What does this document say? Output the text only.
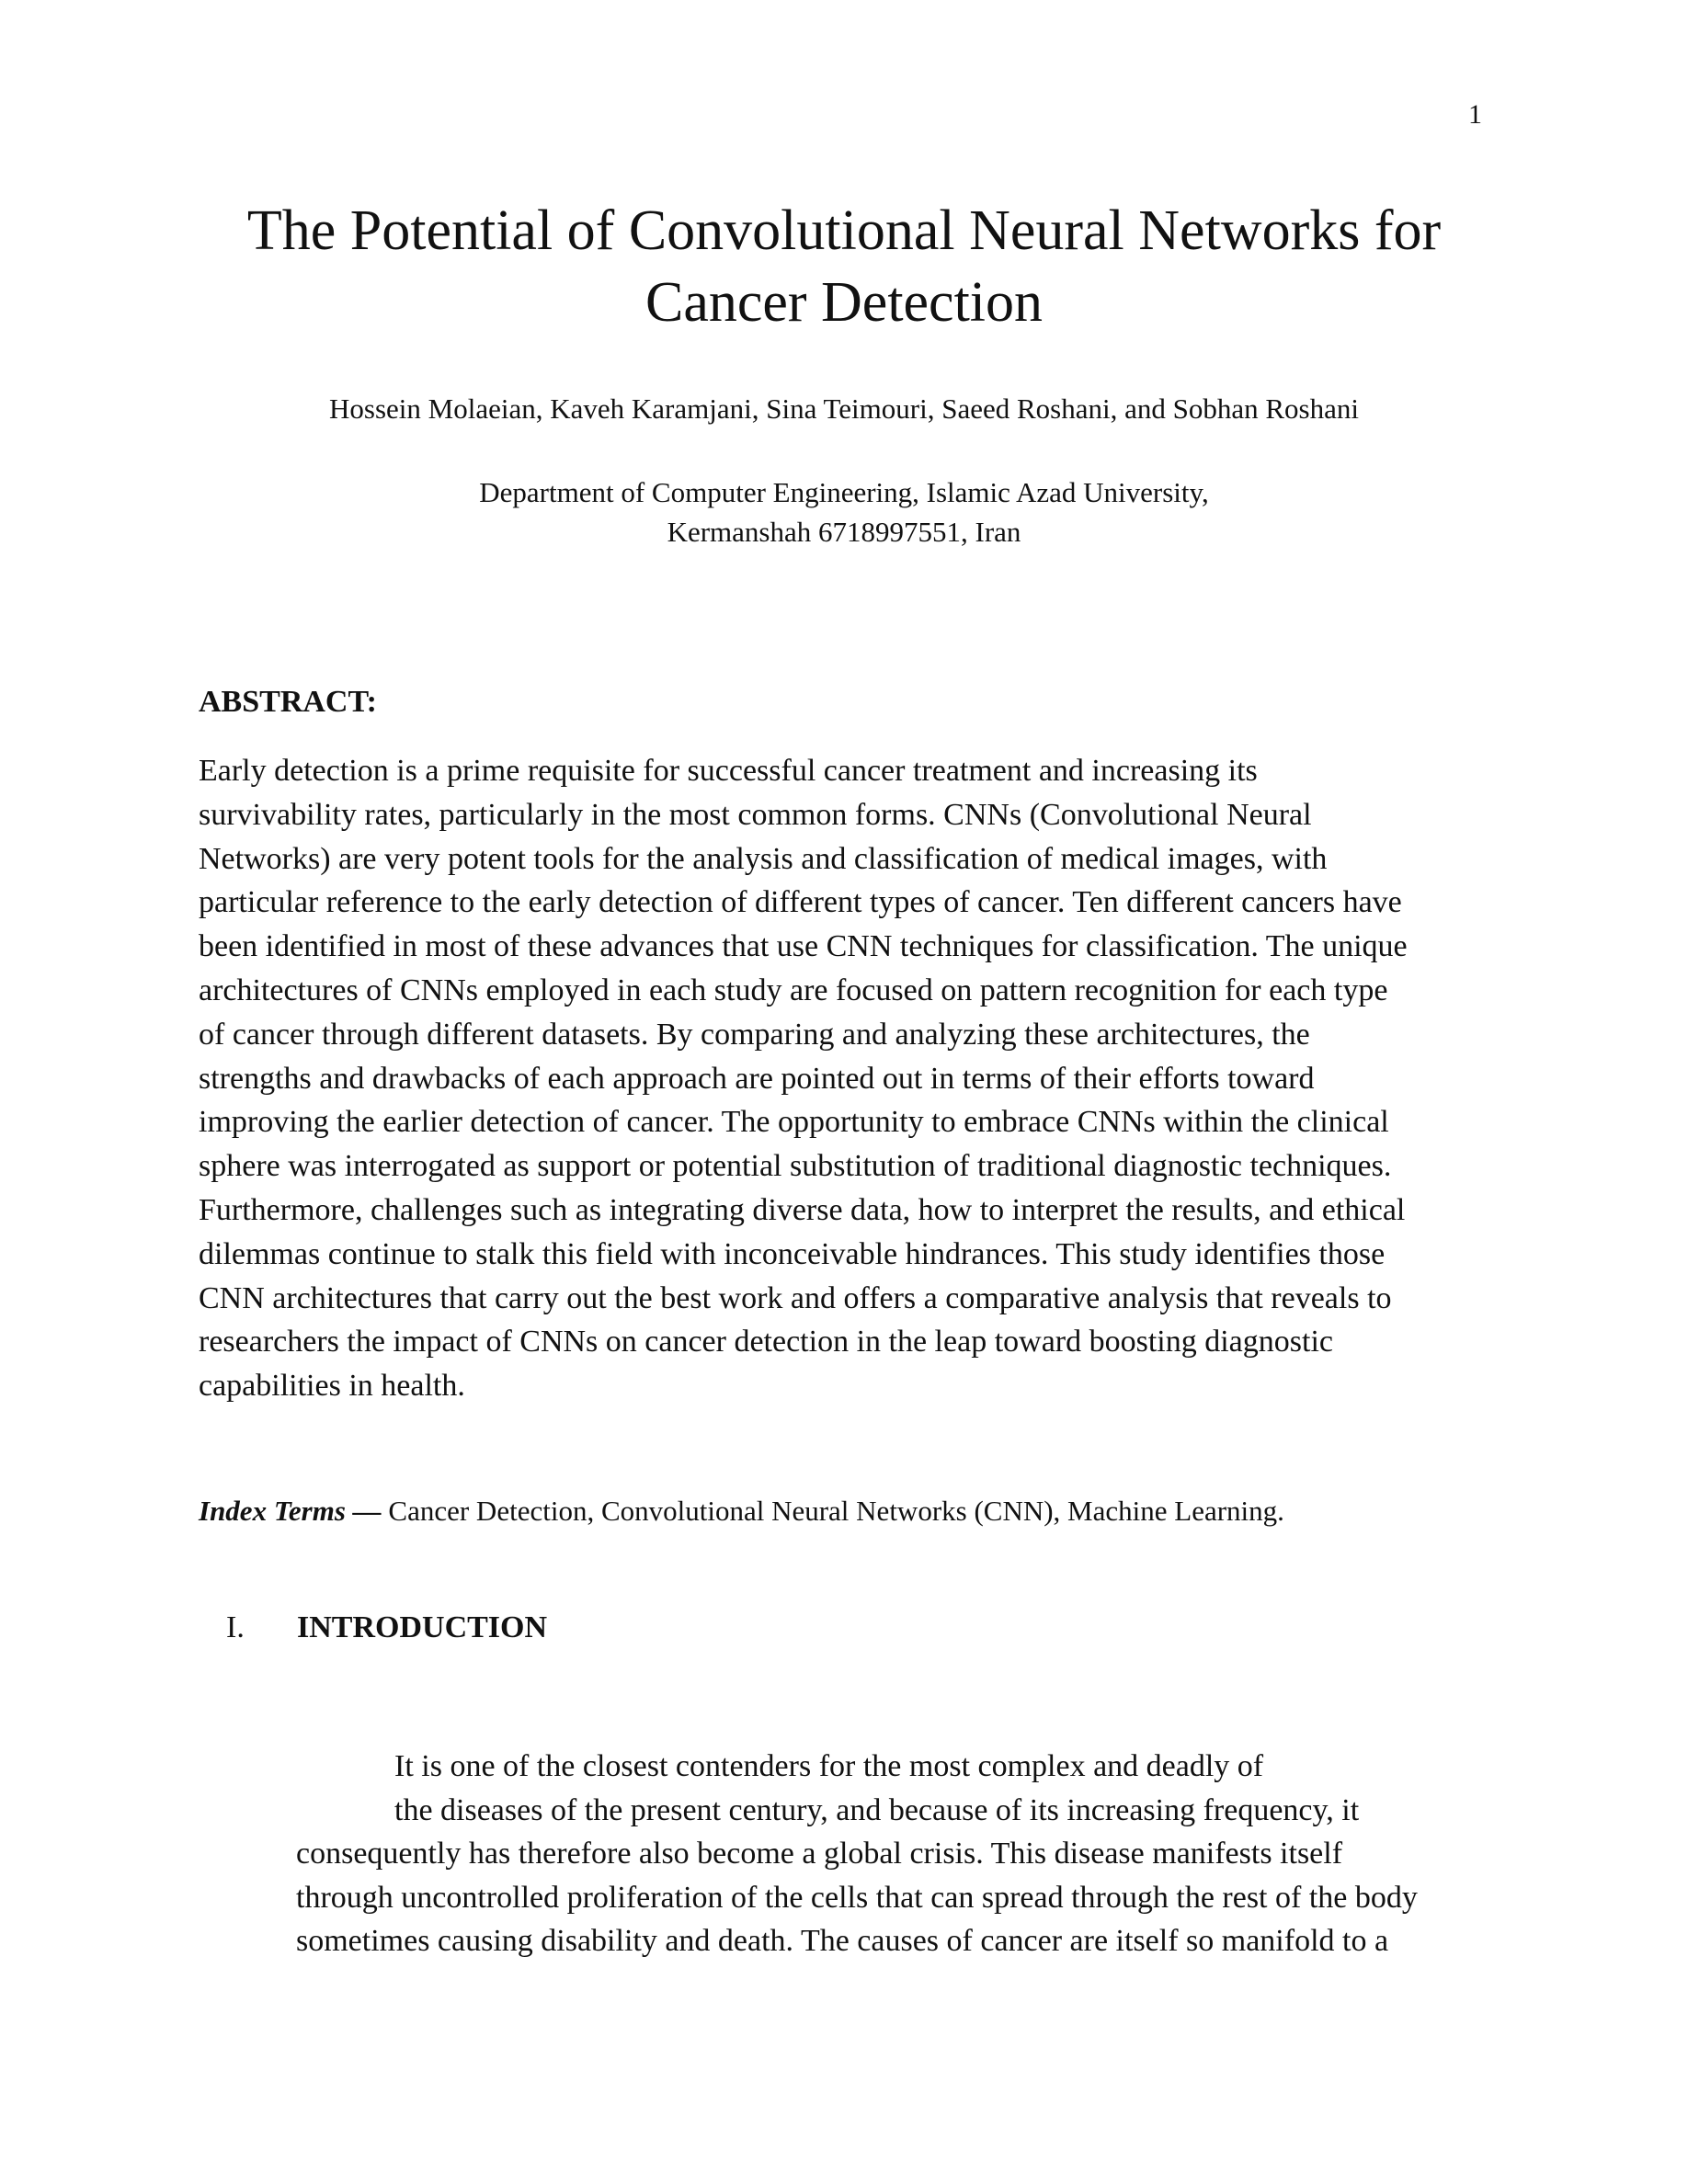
1
The Potential of Convolutional Neural Networks for
Cancer Detection
Hossein Molaeian, Kaveh Karamjani, Sina Teimouri, Saeed Roshani, and Sobhan Roshani
Department of Computer Engineering, Islamic Azad University,
Kermanshah 6718997551, Iran
ABSTRACT:
Early detection is a prime requisite for successful cancer treatment and increasing its
survivability rates, particularly in the most common forms. CNNs (Convolutional Neural
Networks) are very potent tools for the analysis and classification of medical images, with
particular reference to the early detection of different types of cancer. Ten different cancers have
been identified in most of these advances that use CNN techniques for classification. The unique
architectures of CNNs employed in each study are focused on pattern recognition for each type
of cancer through different datasets. By comparing and analyzing these architectures, the
strengths and drawbacks of each approach are pointed out in terms of their efforts toward
improving the earlier detection of cancer. The opportunity to embrace CNNs within the clinical
sphere was interrogated as support or potential substitution of traditional diagnostic techniques.
Furthermore, challenges such as integrating diverse data, how to interpret the results, and ethical
dilemmas continue to stalk this field with inconceivable hindrances. This study identifies those
CNN architectures that carry out the best work and offers a comparative analysis that reveals to
researchers the impact of CNNs on cancer detection in the leap toward boosting diagnostic
capabilities in health.
Index Terms — Cancer Detection, Convolutional Neural Networks (CNN), Machine Learning.
I. INTRODUCTION
It is one of the closest contenders for the most complex and deadly of
the diseases of the present century, and because of its increasing frequency, it
consequently has therefore also become a global crisis. This disease manifests itself
through uncontrolled proliferation of the cells that can spread through the rest of the body
sometimes causing disability and death. The causes of cancer are itself so manifold to a
